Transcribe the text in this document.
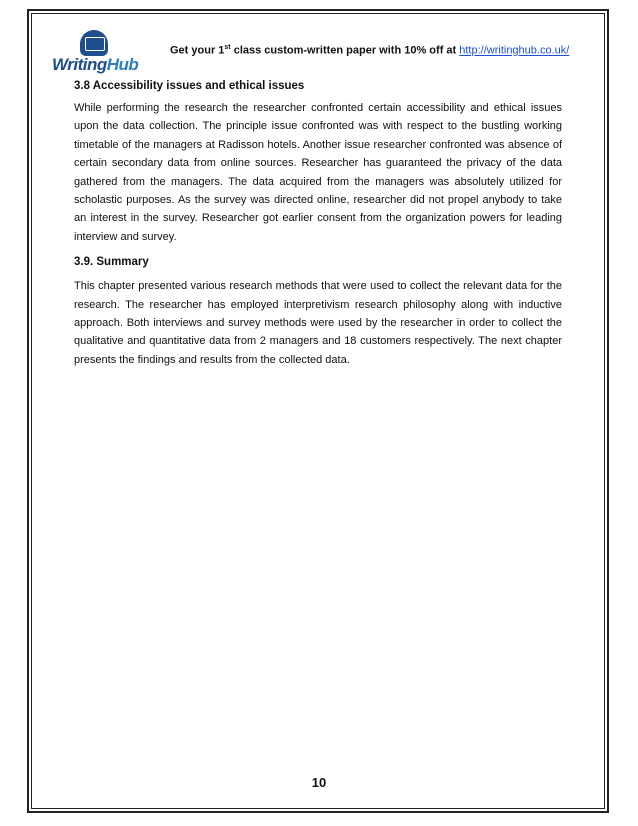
WritingHub
Get your 1st class custom-written paper with 10% off at http://writinghub.co.uk/
3.8 Accessibility issues and ethical issues

While performing the research the researcher confronted certain accessibility and ethical issues upon the data collection. The principle issue confronted was with respect to the bustling working timetable of the managers at Radisson hotels. Another issue researcher confronted was absence of certain secondary data from online sources. Researcher has guaranteed the privacy of the data gathered from the managers. The data acquired from the managers was absolutely utilized for scholastic purposes. As the survey was directed online, researcher did not propel anybody to take an interest in the survey. Researcher got earlier consent from the organization powers for leading interview and survey.

3.9. Summary

This chapter presented various research methods that were used to collect the relevant data for the research. The researcher has employed interpretivism research philosophy along with inductive approach. Both interviews and survey methods were used by the researcher in order to collect the qualitative and quantitative data from 2 managers and 18 customers respectively. The next chapter presents the findings and results from the collected data.

10
